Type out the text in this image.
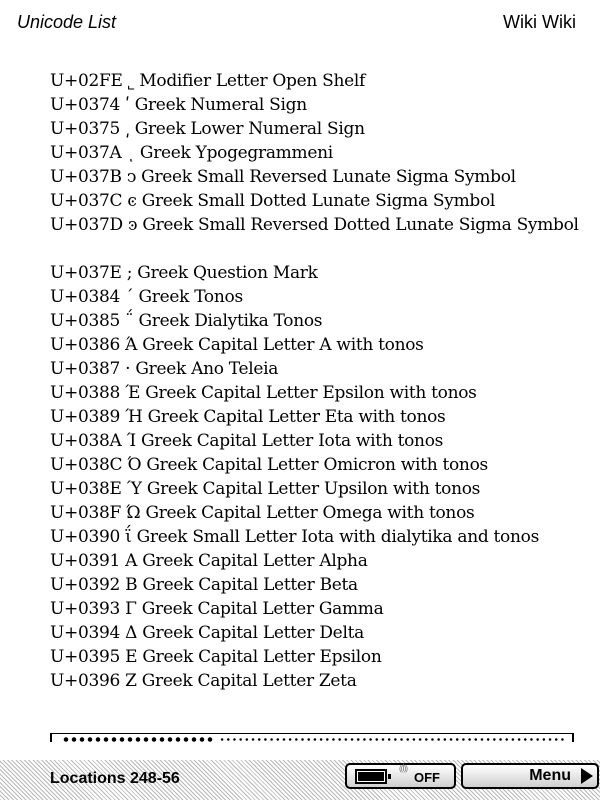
Unicode List	Wiki Wiki
U+02FE ˾ Modifier Letter Open Shelf
U+0374 ʹ Greek Numeral Sign
U+0375 ͵ Greek Lower Numeral Sign
U+037A ͺ Greek Ypogegrammeni
U+037B ͻ Greek Small Reversed Lunate Sigma Symbol
U+037C ͼ Greek Small Dotted Lunate Sigma Symbol
U+037D ͽ Greek Small Reversed Dotted Lunate Sigma Symbol
U+037E ; Greek Question Mark
U+0384 ΄ Greek Tonos
U+0385 ΅ Greek Dialytika Tonos
U+0386 Ά Greek Capital Letter A with tonos
U+0387 · Greek Ano Teleia
U+0388 Έ Greek Capital Letter Epsilon with tonos
U+0389 Ή Greek Capital Letter Eta with tonos
U+038A Ί Greek Capital Letter Iota with tonos
U+038C Ό Greek Capital Letter Omicron with tonos
U+038E Ύ Greek Capital Letter Upsilon with tonos
U+038F Ώ Greek Capital Letter Omega with tonos
U+0390 ΐ Greek Small Letter Iota with dialytika and tonos
U+0391 Α Greek Capital Letter Alpha
U+0392 Β Greek Capital Letter Beta
U+0393 Γ Greek Capital Letter Gamma
U+0394 Δ Greek Capital Letter Delta
U+0395 Ε Greek Capital Letter Epsilon
U+0396 Ζ Greek Capital Letter Zeta
Locations 248-56
((ꟾ))
OFF	Menu
